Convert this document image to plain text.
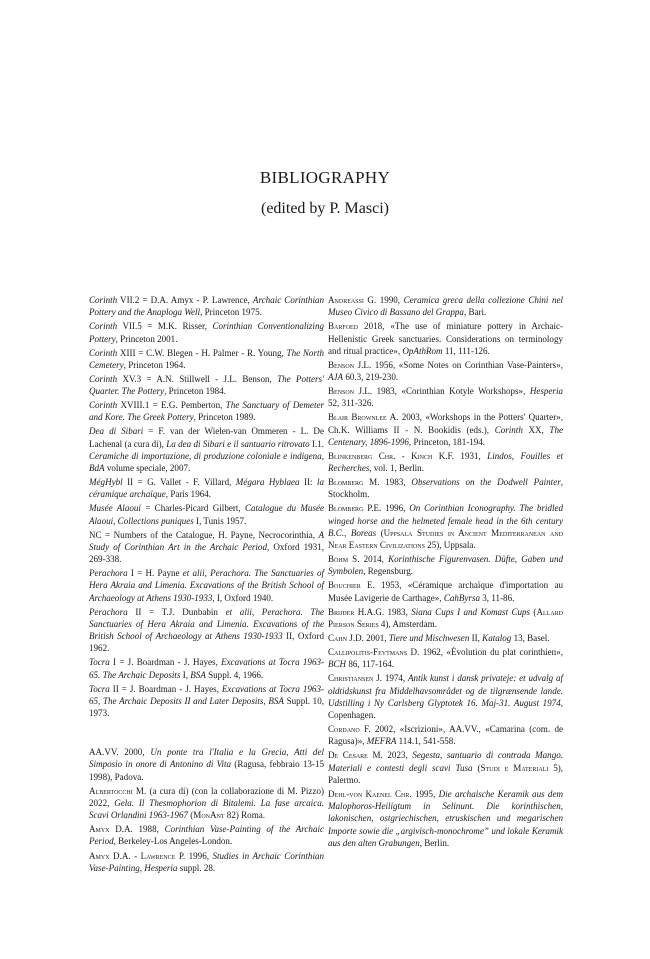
BIBLIOGRAPHY
(edited by P. Masci)
Corinth VII.2 = D.A. Amyx - P. Lawrence, Archaic Corinthian Pottery and the Anaploga Well, Princeton 1975.
Corinth VII.5 = M.K. Risser, Corinthian Conventionalizing Pottery, Princeton 2001.
Corinth XIII = C.W. Blegen - H. Palmer - R. Young, The North Cemetery, Princeton 1964.
Corinth XV.3 = A.N. Stillwell - J.L. Benson, The Potters' Quarter. The Pottery, Princeton 1984.
Corinth XVIII.1 = E.G. Pemberton, The Sanctuary of Demeter and Kore. The Greek Pottery, Princeton 1989.
Dea di Sibari = F. van der Wielen-van Ommeren - L. De Lachenal (a cura di), La dea di Sibari e il santuario ritrovato I.1. Ceramiche di importazione, di produzione coloniale e indigena, BdA volume speciale, 2007.
MégHybl II = G. Vallet - F. Villard, Mégara Hyblaea II: la céramique archaïque, Paris 1964.
Musée Alaoui = Charles-Picard Gilbert, Catalogue du Musée Alaoui, Collections puniques I, Tunis 1957.
NC = Numbers of the Catalogue, H. Payne, Necrocorinthia, A Study of Corinthian Art in the Archaic Period, Oxford 1931, 269-338.
Perachora I = H. Payne et alii, Perachora. The Sanctuaries of Hera Akraia and Limenia. Excavations of the British School of Archaeology at Athens 1930-1933, I, Oxford 1940.
Perachora II = T.J. Dunbabin et alii, Perachora. The Sanctuaries of Hera Akraia and Limenia. Excavations of the British School of Archaeology at Athens 1930-1933 II, Oxford 1962.
Tocra I = J. Boardman - J. Hayes, Excavations at Tocra 1963-65. The Archaic Deposits I, BSA Suppl. 4, 1966.
Tocra II = J. Boardman - J. Hayes, Excavations at Tocra 1963-65, The Archaic Deposits II and Later Deposits, BSA Suppl. 10, 1973.
AA.VV. 2000, Un ponte tra l'Italia e la Grecia, Atti del Simposio in onore di Antonino di Vita (Ragusa, febbraio 13-15 1998), Padova.
Albertocchi M. (a cura di) (con la collaborazione di M. Pizzo) 2022, Gela. Il Thesmophorion di Bitalemi. La fase arcaica. Scavi Orlandini 1963-1967 (MonAnt 82) Roma.
Amyx D.A. 1988, Corinthian Vase-Painting of the Archaic Period, Berkeley-Los Angeles-London.
Amyx D.A. - Lawrence P. 1996, Studies in Archaic Corinthian Vase-Painting, Hesperia suppl. 28.
Andreassi G. 1990, Ceramica greca della collezione Chini nel Museo Civico di Bassano del Grappa, Bari.
Barfoed 2018, «The use of miniature pottery in Archaic-Hellenistic Greek sanctuaries. Considerations on terminology and ritual practice», OpAthRom 11, 111-126.
Benson J.L. 1956, «Some Notes on Corinthian Vase-Painters», AJA 60.3, 219-230.
Benson J.L. 1983, «Corinthian Kotyle Workshops», Hesperia 52, 311-326.
Blair Brownlee A. 2003, «Workshops in the Potters' Quarter», Ch.K. Williams II - N. Bookidis (eds.), Corinth XX, The Centenary, 1896-1996, Princeton, 181-194.
Blinkenberg Chr. - Kinch K.F. 1931, Lindos, Fouilles et Recherches, vol. 1, Berlin.
Blomberg M. 1983, Observations on the Dodwell Painter, Stockholm.
Blomberg P.E. 1996, On Corinthian Iconography. The bridled winged horse and the helmeted female head in the 6th century B.C., Boreas (Uppsala Studies in Ancient Mediterranean and Near Eastern Civilizations 25), Uppsala.
Böhm S. 2014, Korinthische Figurenvasen. Düfte, Gaben und Symbolen, Regensburg.
Bouchier E. 1953, «Céramique archaïque d'importation au Musée Lavigerie de Carthage», CahByrsa 3, 11-86.
Brijder H.A.G. 1983, Siana Cups I and Komast Cups (Allard Pierson Series 4), Amsterdam.
Cahn J.D. 2001, Tiere und Mischwesen II, Katalog 13, Basel.
Callipolitis-Feytmans D. 1962, «Évolution du plat corinthien», BCH 86, 117-164.
Christiansen J. 1974, Antik kunst i dansk privateje: et udvalg af oldtidskunst fra Middelhavsområdet og de tilgrænsende lande. Udstilling i Ny Carlsberg Glyptotek 16. Maj-31. August 1974, Copenhagen.
Cordano F. 2002, «Iscrizioni», AA.VV., «Camarina (com. de Ragusa)», MEFRA 114.1, 541-558.
De Cesare M. 2023, Segesta, santuario di contrada Mango. Materiali e contesti degli scavi Tusa (Studi e Materiali 5), Palermo.
Dehl-von Kaenel Chr. 1995, Die archaische Keramik aus dem Malophoros-Heiligtum in Selinunt. Die korinthischen, lakonischen, ostgriechischen, etruskischen und megarischen Importe sowie die „argivisch-monochrome” und lokale Keramik aus den alten Grabungen, Berlin.
